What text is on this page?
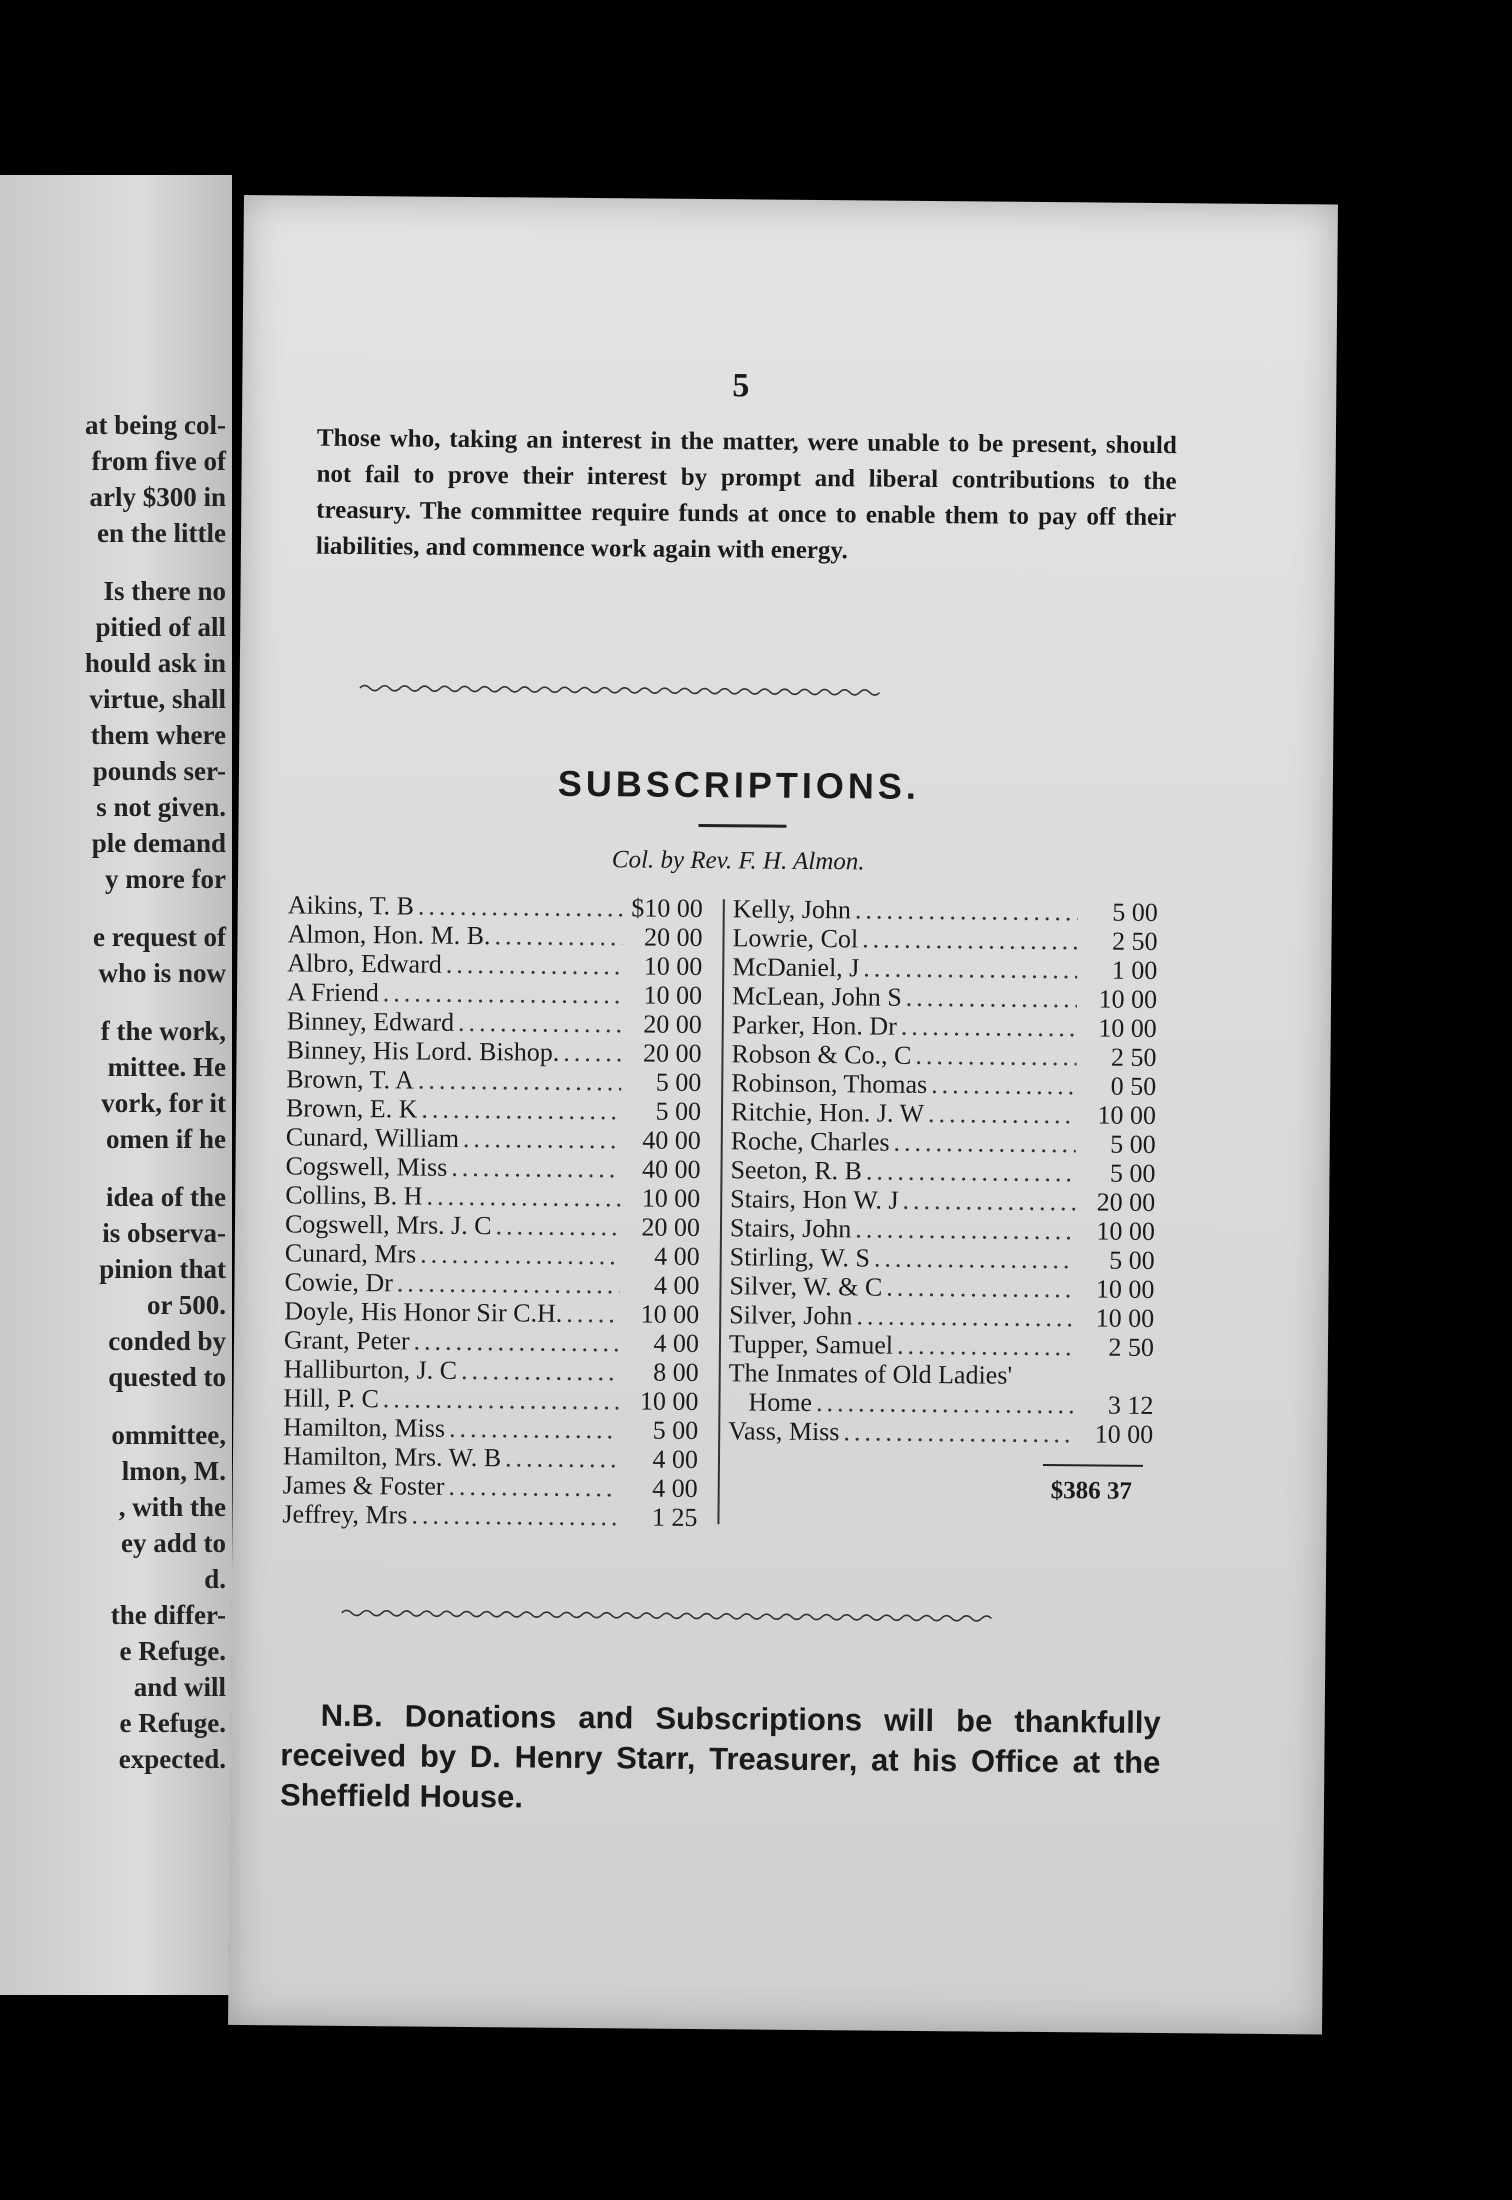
at being col-
from five of
arly $300 in
en the little
Is there no
pitied of all
hould ask in
virtue, shall
them where
pounds ser-
s not given.
ple demand
y more for
e request of
who is now
f the work,
mittee. He
vork, for it
omen if he
idea of the
is observa-
pinion that
or 500.
conded by
quested to
ommittee,
lmon, M.
, with the
ey add to
d.
the differ-
e Refuge.
and will
e Refuge.
expected.
5
Those who, taking an interest in the matter, were unable to be present, should not fail to prove their interest by prompt and liberal contributions to the treasury. The committee require funds at once to enable them to pay off their liabilities, and commence work again with energy.
SUBSCRIPTIONS.
Col. by Rev. F. H. Almon.
Aikins, T. B .....	$10 00
Almon, Hon. M. B. .....	20 00
Albro, Edward .....	10 00
A Friend .....	10 00
Binney, Edward .....	20 00
Binney, His Lord. Bishop. .....	20 00
Brown, T. A .....	5 00
Brown, E. K .....	5 00
Cunard, William .....	40 00
Cogswell, Miss .....	40 00
Collins, B. H .....	10 00
Cogswell, Mrs. J. C .....	20 00
Cunard, Mrs .....	4 00
Cowie, Dr .....	4 00
Doyle, His Honor Sir C.H. .....	10 00
Grant, Peter .....	4 00
Halliburton, J. C .....	8 00
Hill, P. C .....	10 00
Hamilton, Miss .....	5 00
Hamilton, Mrs. W. B .....	4 00
James & Foster .....	4 00
Jeffrey, Mrs .....	1 25
Kelly, John .....	5 00
Lowrie, Col .....	2 50
McDaniel, J .....	1 00
McLean, John S .....	10 00
Parker, Hon. Dr .....	10 00
Robson & Co., C .....	2 50
Robinson, Thomas .....	0 50
Ritchie, Hon. J. W .....	10 00
Roche, Charles .....	5 00
Seeton, R. B .....	5 00
Stairs, Hon W. J .....	20 00
Stairs, John .....	10 00
Stirling, W. S .....	5 00
Silver, W. & C .....	10 00
Silver, John .....	10 00
Tupper, Samuel .....	2 50
The Inmates of Old Ladies'
Home .....	3 12
Vass, Miss .....	10 00
$386 37
N.B. Donations and Subscriptions will be thankfully received by D. Henry Starr, Treasurer, at his Office at the Sheffield House.
